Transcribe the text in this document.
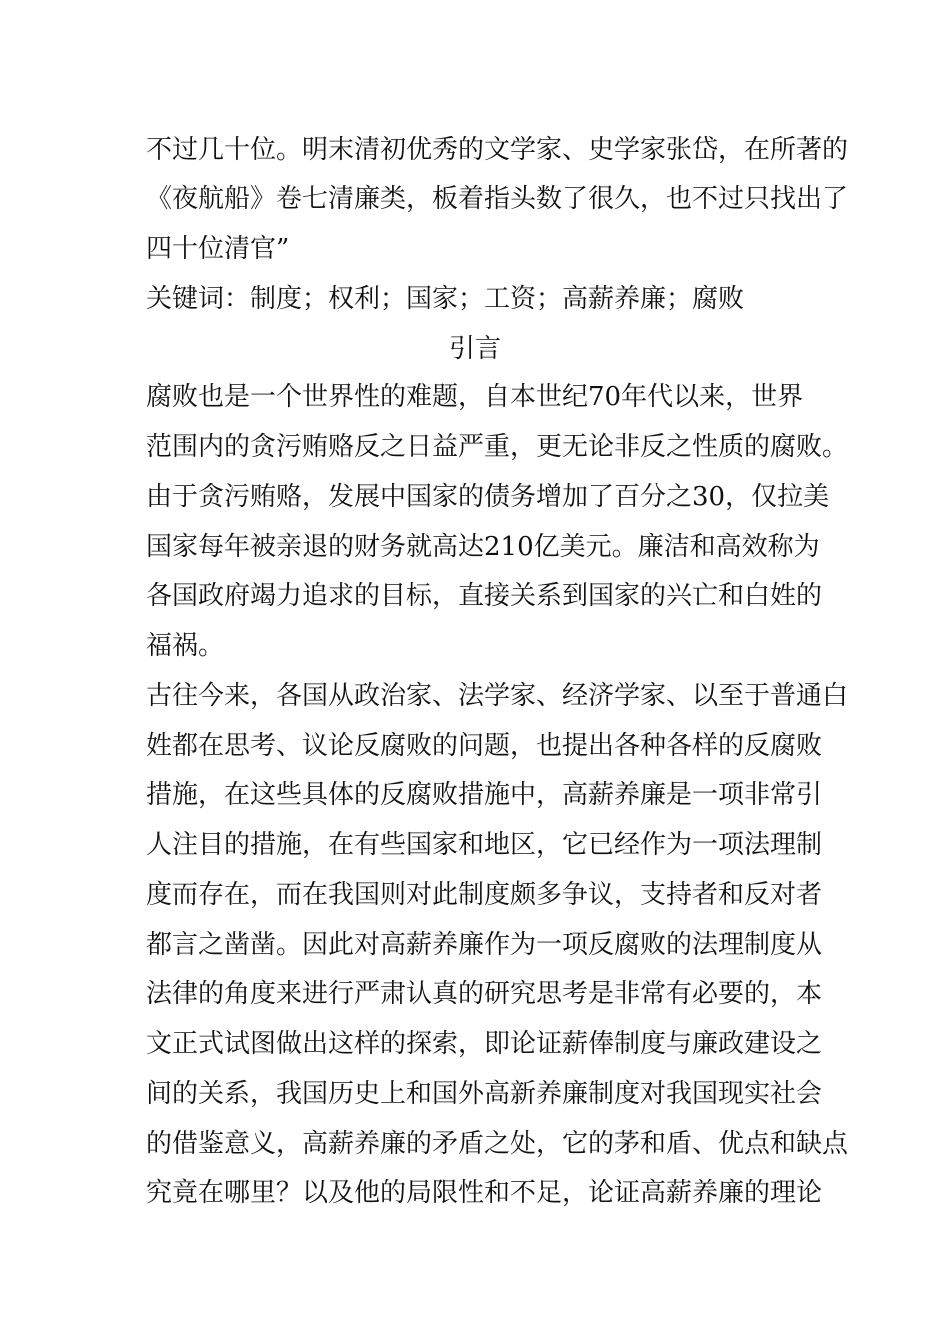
不过几十位。明末清初优秀的文学家、史学家张岱，在所著的
《夜航船》卷七清廉类，板着指头数了很久，也不过只找出了
四十位清官”
关键词：制度；权利；国家；工资；高薪养廉；腐败
引言
腐败也是一个世界性的难题，自本世纪70年代以来，世界
范围内的贪污贿赂反之日益严重，更无论非反之性质的腐败。
由于贪污贿赂，发展中国家的债务增加了百分之30，仅拉美
国家每年被亲退的财务就高达210亿美元。廉洁和高效称为
各国政府竭力追求的目标，直接关系到国家的兴亡和白姓的
福祸。
古往今来，各国从政治家、法学家、经济学家、以至于普通白
姓都在思考、议论反腐败的问题，也提出各种各样的反腐败
措施，在这些具体的反腐败措施中，高薪养廉是一项非常引
人注目的措施，在有些国家和地区，它已经作为一项法理制
度而存在，而在我国则对此制度颇多争议，支持者和反对者
都言之凿凿。因此对高薪养廉作为一项反腐败的法理制度从
法律的角度来进行严肃认真的研究思考是非常有必要的，本
文正式试图做出这样的探索，即论证薪俸制度与廉政建设之
间的关系，我国历史上和国外高新养廉制度对我国现实社会
的借鉴意义，高薪养廉的矛盾之处，它的茅和盾、优点和缺点
究竟在哪里？以及他的局限性和不足，论证高薪养廉的理论
